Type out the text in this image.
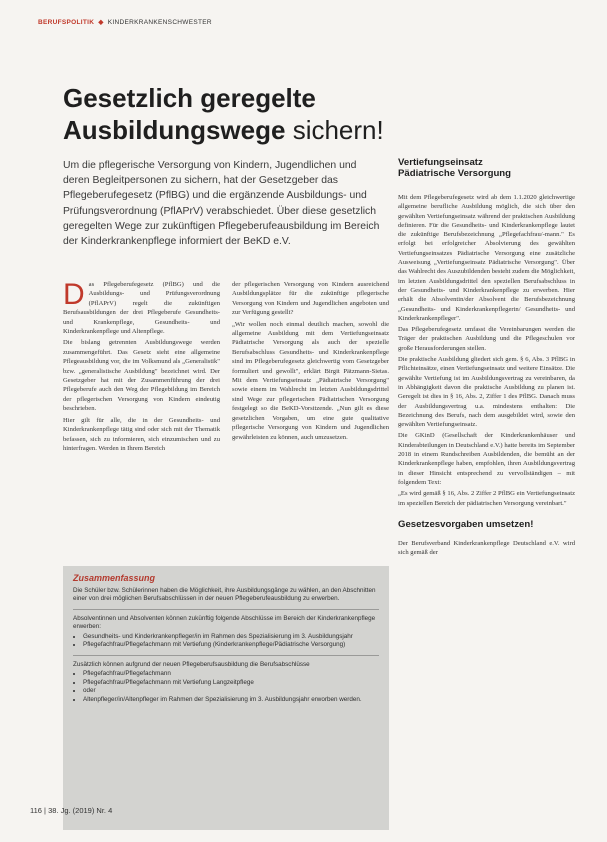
BERUFSPOLITIK ◆ KINDERKRANKENSCHWESTER
Gesetzlich geregelte
Ausbildungswege sichern!
Um die pflegerische Versorgung von Kindern, Jugendlichen und deren Begleitpersonen zu sichern, hat der Gesetzgeber das Pflegeberufegesetz (PflBG) und die ergänzende Ausbildungs- und Prüfungsverordnung (PflAPrV) verabschiedet. Über diese gesetzlich geregelten Wege zur zukünftigen Pflegeberufeausbildung im Bereich der Kinderkrankenpflege informiert der BeKD e.V.

Das Pflegeberufegesetz (PflBG) und die Ausbildungs- und Prüfungsverordnung (PflAPrV) regelt die zukünftigen Berufsausbildungen der drei Pflegeberufe Gesundheits- und Krankenpflege, Gesundheits- und Kinderkrankenpflege und Altenpflege.

Die bislang getrennten Ausbildungswege werden zusammengeführt. Das Gesetz sieht eine allgemeine Pflegeausbildung vor, die im Volksmund als „Generalistik" bzw. „generalistische Ausbildung" bezeichnet wird. Der Gesetzgeber hat mit der Zusammenführung der drei Pflegeberufe auch den Weg der Pflegebildung im Bereich der pflegerischen Versorgung von Kindern eindeutig beschrieben.

Hier gilt für alle, die in der Gesundheits- und Kinderkrankenpflege tätig sind oder sich mit der Thematik befassen, sich zu informieren, sich einzumischen und zu hinterfragen. Werden in Ihrem Bereich

der pflegerischen Versorgung von Kindern ausreichend Ausbildungsplätze für die zukünftige pflegerische Versorgung von Kindern und Jugendlichen angeboten und zur Verfügung gestellt?

„Wir wollen noch einmal deutlich machen, sowohl die allgemeine Ausbildung mit dem Vertiefungseinsatz Pädiatrische Versorgung als auch der spezielle Berufsabschluss Gesundheits- und Kinderkrankenpflege sind im Pflegeberufegesetz gleichwertig vom Gesetzgeber formuliert und gewollt", erklärt Birgit Pätzmann-Sietas. Mit dem Vertiefungseinsatz „Pädiatrische Versorgung" sowie einem im Wahlrecht im letzten Ausbildungsdrittel sind Wege zur pflegerischen Pädiatrischen Versorgung festgelegt so die BeKD-Vorsitzende. „Nun gilt es diese gesetzlichen Vorgaben, um eine gute qualitative pflegerische Versorgung von Kindern und Jugendlichen gewährleisten zu können, auch umzusetzen.

Zusammenfassung

Die Schüler bzw. Schülerinnen haben die Möglichkeit, ihre Ausbildungsgänge zu wählen, an den Abschnitten einer von drei möglichen Berufsabschlüssen in der neuen Pflegeberufeausbildung zu erwerben.

Absolventinnen und Absolventen können zukünftig folgende Abschlüsse im Bereich der Kinderkrankenpflege erwerben:

• Gesundheits- und Kinderkrankenpfleger/in im Rahmen des Spezialisierung im 3. Ausbildungsjahr
• Pflegefachfrau/Pflegefachmann mit Vertiefung (Kinderkrankenpflege/Pädiatrische Versorgung)

Zusätzlich können aufgrund der neuen Pflegeberufsausbildung die Berufsabschlüsse

• Pflegefachfrau/Pflegefachmann
• Pflegefachfrau/Pflegefachmann mit Vertiefung Langzeitpflege
• oder
• Altenpfleger/in/Altenpfleger im Rahmen der Spezialisierung im 3. Ausbildungsjahr erworben werden.
Vertiefungseinsatz
Pädiatrische Versorgung

Mit dem Pflegeberufegesetz wird ab dem 1.1.2020 gleichwertige allgemeine berufliche Ausbildung möglich, die sich über den gewählten Vertiefungseinsatz während der praktischen Ausbildung definieren. Für die Gesundheits- und Kinderkrankenpflege lautet die zukünftige Berufsbezeichnung „Pflegefachfrau/-mann." Es erfolgt bei erfolgreicher Absolvierung des gewählten Vertiefungseinsatzes Pädiatrische Versorgung eine zusätzliche Ausweisung „Vertiefungseinsatz Pädiatrische Versorgung". Über das Wahlrecht des Auszubildenden besteht zudem die Möglichkeit, im letzten Ausbildungsdrittel den speziellen Berufsabschluss in der Gesundheits- und Kinderkrankenpflege zu erwerben. Hier erhält die Absolventin/der Absolvent die Berufsbezeichnung „Gesundheits- und Kinderkrankenpflegerin/ Gesundheits- und Kinderkrankenpfleger".

Das Pflegeberufegesetz umfasst die Vereinbarungen werden die Träger der praktischen Ausbildung und die Pflegeschulen vor große Herausforderungen stellen.

Die praktische Ausbildung gliedert sich gem. § 6, Abs. 3 PflBG in Pflichteinsätze, einen Vertiefungseinsatz und weitere Einsätze. Die gewählte Vertiefung ist im Ausbildungsvertrag zu vereinbaren, da in Abhängigkeit davon die praktische Ausbildung zu planen ist. Geregelt ist dies in § 16, Abs. 2, Ziffer 1 des PflBG. Danach muss der Ausbildungsvertrag u.a. mindestens enthalten: Die Bezeichnung des Berufs, nach dem ausgebildet wird, sowie den gewählten Vertiefungseinsatz.

Die GKinD (Gesellschaft der Kinderkrankenhäuser und Kinderabteilungen in Deutschland e.V.) hatte bereits im September 2018 in einem Rundschreiben Ausbildenden, die bemüht an der Kinderkrankenpflege haben, empfohlen, ihren Ausbildungsvertrag in dieser Hinsicht entsprechend zu vervollständigen – mit folgendem Text:

„Es wird gemäß § 16, Abs. 2 Ziffer 2 PflBG ein Vertiefungseinsatz im speziellen Bereich der pädiatrischen Versorgung vereinbart."

Gesetzesvorgaben umsetzen!

Der Berufsverband Kinderkrankenpflege Deutschland e.V. wird sich gemäß der

116 | 38. Jg. (2019) Nr. 4
